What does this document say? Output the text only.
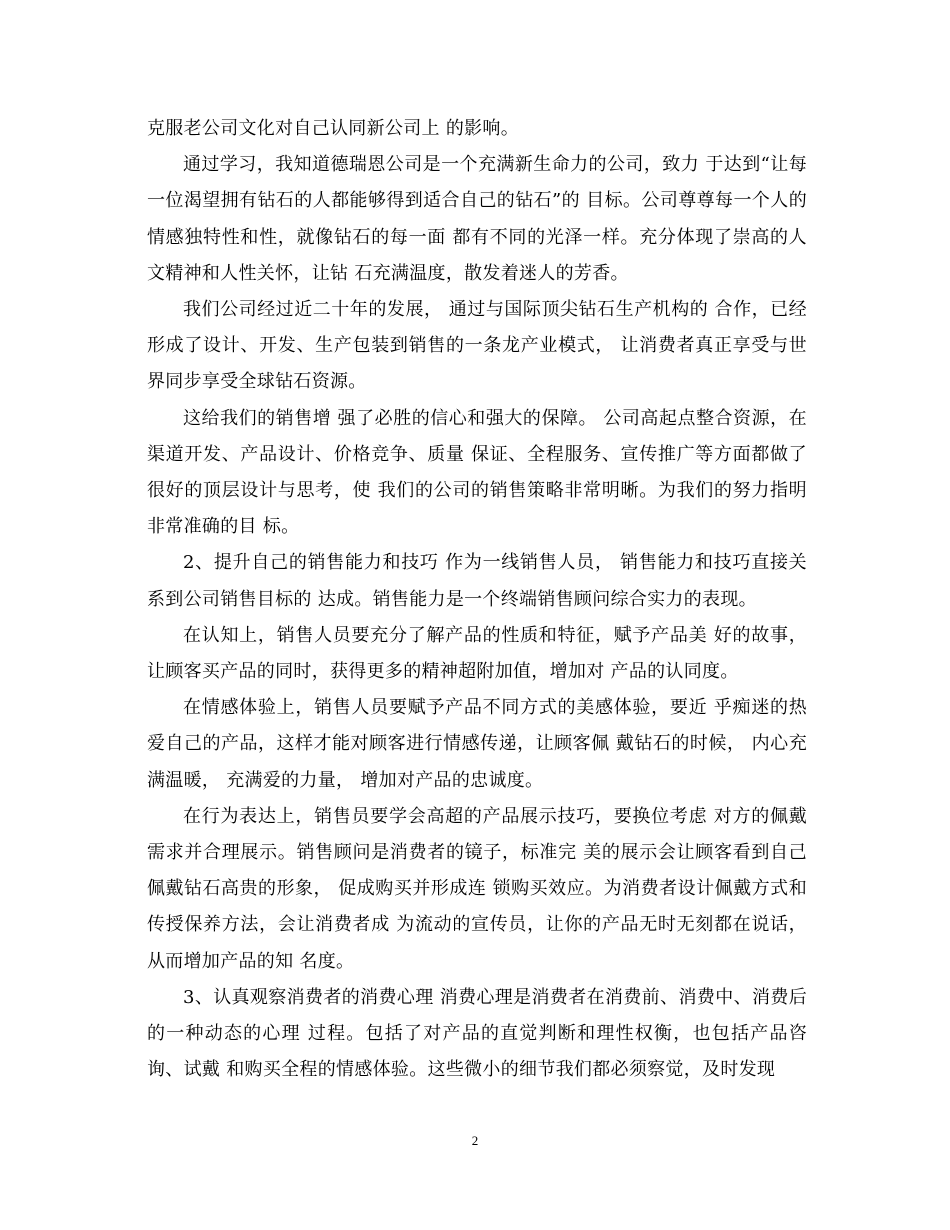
克服老公司文化对自己认同新公司上 的影响。

通过学习，我知道德瑞恩公司是一个充满新生命力的公司，致力 于达到“让每一位渴望拥有钻石的人都能够得到适合自己的钻石”的 目标。公司尊尊每一个人的情感独特性和性，就像钻石的每一面 都有不同的光泽一样。充分体现了崇高的人文精神和人性关怀，让钻 石充满温度，散发着迷人的芳香。

我们公司经过近二十年的发展， 通过与国际顶尖钻石生产机构的 合作，已经形成了设计、开发、生产包装到销售的一条龙产业模式， 让消费者真正享受与世界同步享受全球钻石资源。

这给我们的销售增 强了必胜的信心和强大的保障。 公司高起点整合资源，在渠道开发、产品设计、价格竞争、质量 保证、全程服务、宣传推广等方面都做了很好的顶层设计与思考，使 我们的公司的销售策略非常明晰。为我们的努力指明非常准确的目 标。

2、提升自己的销售能力和技巧 作为一线销售人员， 销售能力和技巧直接关系到公司销售目标的 达成。销售能力是一个终端销售顾问综合实力的表现。

在认知上，销售人员要充分了解产品的性质和特征，赋予产品美 好的故事，让顾客买产品的同时，获得更多的精神超附加值，增加对 产品的认同度。

在情感体验上，销售人员要赋予产品不同方式的美感体验，要近 乎痴迷的热爱自己的产品，这样才能对顾客进行情感传递，让顾客佩 戴钻石的时候， 内心充满温暖， 充满爱的力量， 增加对产品的忠诚度。

在行为表达上，销售员要学会高超的产品展示技巧，要换位考虑 对方的佩戴需求并合理展示。销售顾问是消费者的镜子，标准完 美的展示会让顾客看到自己佩戴钻石高贵的形象， 促成购买并形成连 锁购买效应。为消费者设计佩戴方式和传授保养方法，会让消费者成 为流动的宣传员，让你的产品无时无刻都在说话，从而增加产品的知 名度。

3、认真观察消费者的消费心理 消费心理是消费者在消费前、消费中、消费后的一种动态的心理 过程。包括了对产品的直觉判断和理性权衡，也包括产品咨询、试戴 和购买全程的情感体验。这些微小的细节我们都必须察觉，及时发现

2
